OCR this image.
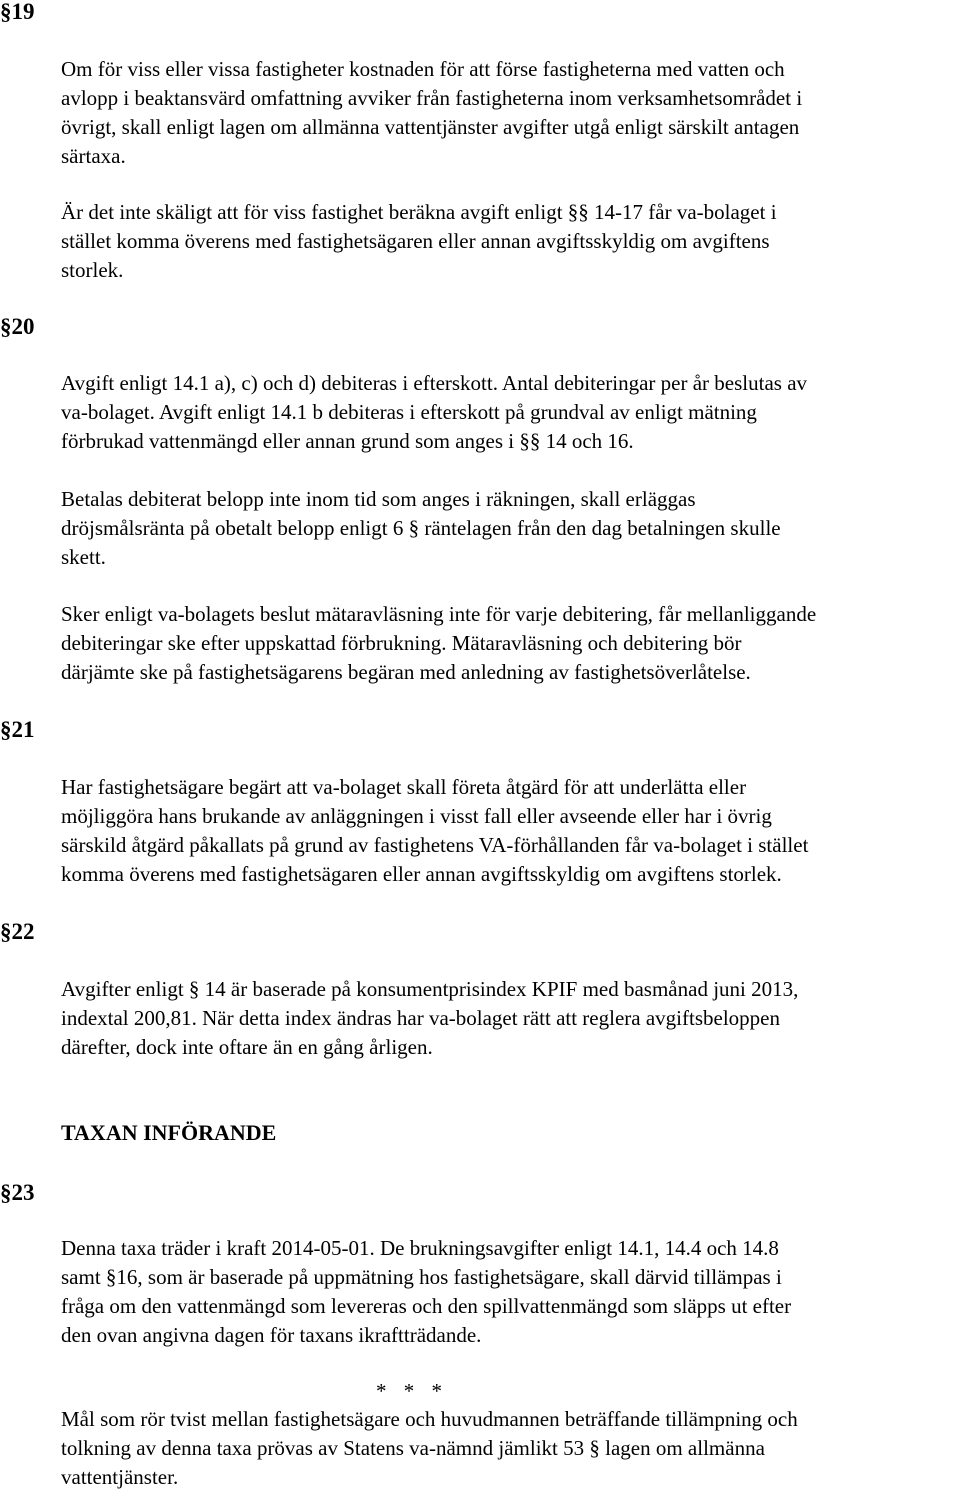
§19

§20

§21

§22

§23

Om för viss eller vissa fastigheter kostnaden för att förse fastigheterna med vatten och
avlopp i beaktansvärd omfattning avviker från fastigheterna inom verksamhetsområdet i
övrigt, skall enligt lagen om allmänna vattentjänster avgifter utgå enligt särskilt antagen
särtaxa.
Är det inte skäligt att för viss fastighet beräkna avgift enligt §§ 14-17 får va-bolaget i
stället komma överens med fastighetsägaren eller annan avgiftsskyldig om avgiftens
storlek.
Avgift enligt 14.1 a), c) och d) debiteras i efterskott. Antal debiteringar per år beslutas av
va-bolaget. Avgift enligt 14.1 b debiteras i efterskott på grundval av enligt mätning
förbrukad vattenmängd eller annan grund som anges i §§ 14 och 16.
Betalas debiterat belopp inte inom tid som anges i räkningen, skall erläggas
dröjsmålsränta på obetalt belopp enligt 6 § räntelagen från den dag betalningen skulle
skett.
Sker enligt va-bolagets beslut mätaravläsning inte för varje debitering, får mellanliggande
debiteringar ske efter uppskattad förbrukning. Mätaravläsning och debitering bör
därjämte ske på fastighetsägarens begäran med anledning av fastighetsöverlåtelse.
Har fastighetsägare begärt att va-bolaget skall företa åtgärd för att underlätta eller
möjliggöra hans brukande av anläggningen i visst fall eller avseende eller har i övrig
särskild åtgärd påkallats på grund av fastighetens VA-förhållanden får va-bolaget i stället
komma överens med fastighetsägaren eller annan avgiftsskyldig om avgiftens storlek.
Avgifter enligt § 14 är baserade på konsumentprisindex KPIF med basmånad juni 2013,
indextal 200,81. När detta index ändras har va-bolaget rätt att reglera avgiftsbeloppen
därefter, dock inte oftare än en gång årligen.

TAXAN INFÖRANDE

Denna taxa träder i kraft 2014-05-01. De brukningsavgifter enligt 14.1, 14.4 och 14.8
samt §16, som är baserade på uppmätning hos fastighetsägare, skall därvid tillämpas i
fråga om den vattenmängd som levereras och den spillvattenmängd som släpps ut efter
den ovan angivna dagen för taxans ikraftträdande.

* * *

Mål som rör tvist mellan fastighetsägare och huvudmannen beträffande tillämpning och
tolkning av denna taxa prövas av Statens va-nämnd jämlikt 53 § lagen om allmänna
vattentjänster.
